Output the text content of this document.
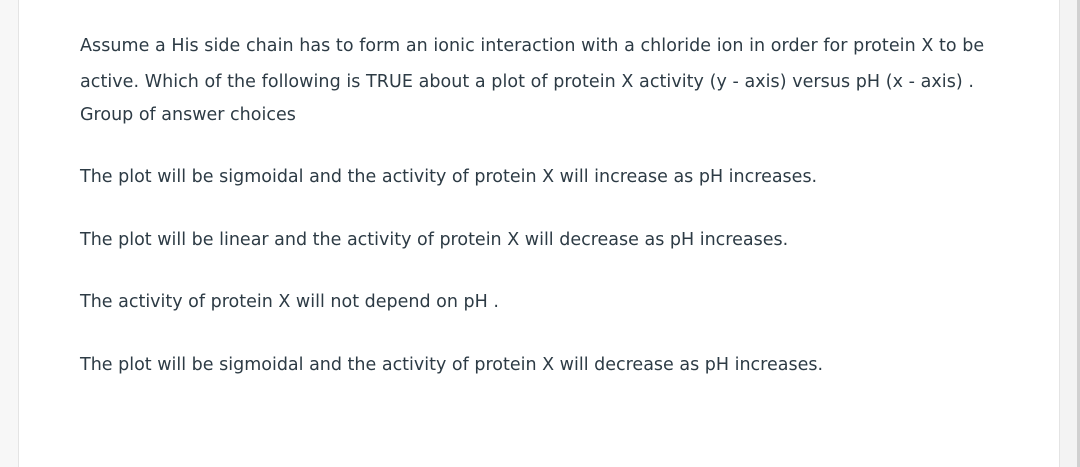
Assume a His side chain has to form an ionic interaction with a chloride ion in order for protein X to be active. Which of the following is TRUE about a plot of protein X activity (y - axis) versus pH (x - axis) .

Group of answer choices
The plot will be sigmoidal and the activity of protein X will increase as pH increases.
The plot will be linear and the activity of protein X will decrease as pH increases.
The activity of protein X will not depend on pH .
The plot will be sigmoidal and the activity of protein X will decrease as pH increases.
